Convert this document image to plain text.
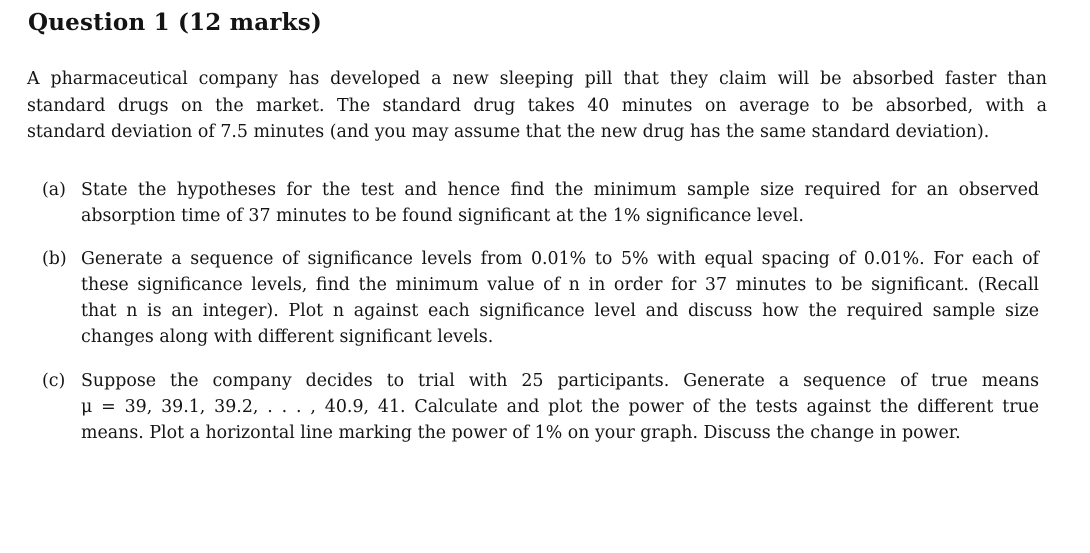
Question 1 (12 marks)
A pharmaceutical company has developed a new sleeping pill that they claim will be absorbed faster than
standard drugs on the market. The standard drug takes 40 minutes on average to be absorbed, with a
standard deviation of 7.5 minutes (and you may assume that the new drug has the same standard deviation).
(a) State the hypotheses for the test and hence find the minimum sample size required for an observed
absorption time of 37 minutes to be found significant at the 1% significance level.
(b) Generate a sequence of significance levels from 0.01% to 5% with equal spacing of 0.01%. For each of
these significance levels, find the minimum value of n in order for 37 minutes to be significant. (Recall
that n is an integer). Plot n against each significance level and discuss how the required sample size
changes along with different significant levels.
(c) Suppose the company decides to trial with 25 participants. Generate a sequence of true means
μ = 39, 39.1, 39.2, . . . , 40.9, 41. Calculate and plot the power of the tests against the different true
means. Plot a horizontal line marking the power of 1% on your graph. Discuss the change in power.
